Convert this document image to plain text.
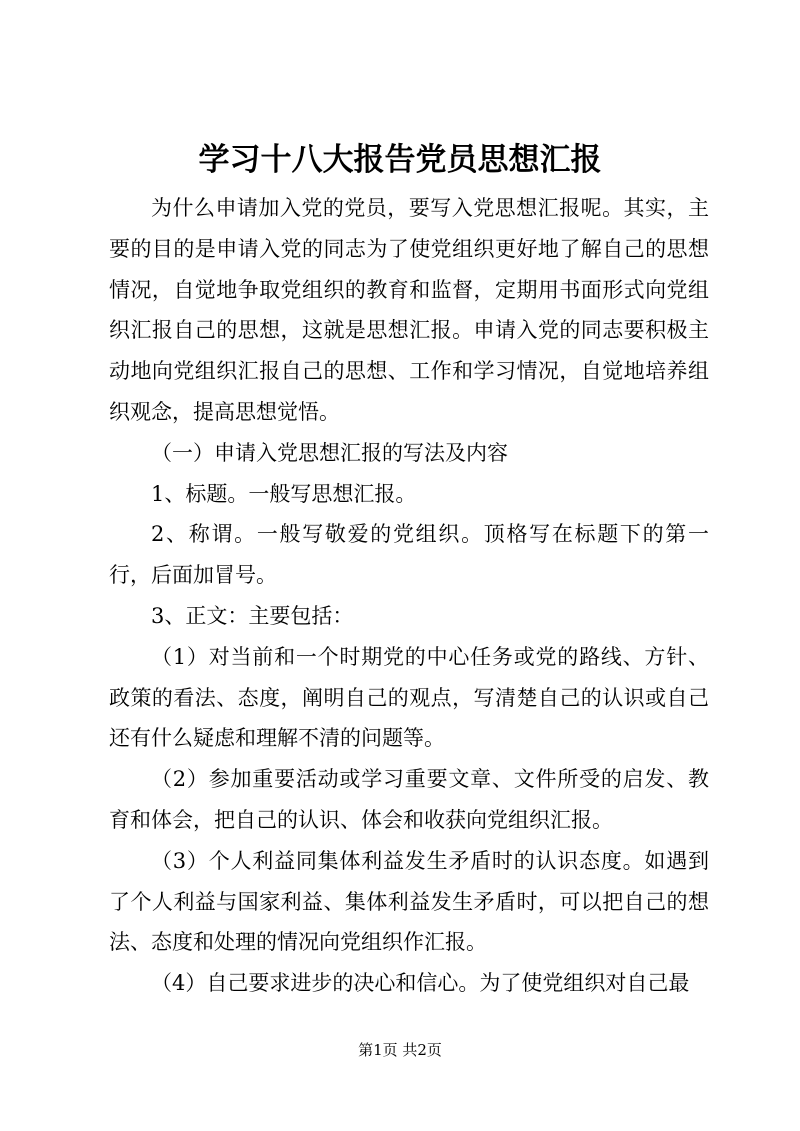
学习十八大报告党员思想汇报

为什么申请加入党的党员，要写入党思想汇报呢。其实，主要的目的是申请入党的同志为了使党组织更好地了解自己的思想情况，自觉地争取党组织的教育和监督，定期用书面形式向党组织汇报自己的思想，这就是思想汇报。申请入党的同志要积极主动地向党组织汇报自己的思想、工作和学习情况，自觉地培养组织观念，提高思想觉悟。

（一）申请入党思想汇报的写法及内容

1、标题。一般写思想汇报。

2、称谓。一般写敬爱的党组织。顶格写在标题下的第一行，后面加冒号。

3、正文：主要包括：

（1）对当前和一个时期党的中心任务或党的路线、方针、政策的看法、态度，阐明自己的观点，写清楚自己的认识或自己还有什么疑虑和理解不清的问题等。

（2）参加重要活动或学习重要文章、文件所受的启发、教育和体会，把自己的认识、体会和收获向党组织汇报。

（3）个人利益同集体利益发生矛盾时的认识态度。如遇到了个人利益与国家利益、集体利益发生矛盾时，可以把自己的想法、态度和处理的情况向党组织作汇报。

（4）自己要求进步的决心和信心。为了使党组织对自己最

第1页 共2页
